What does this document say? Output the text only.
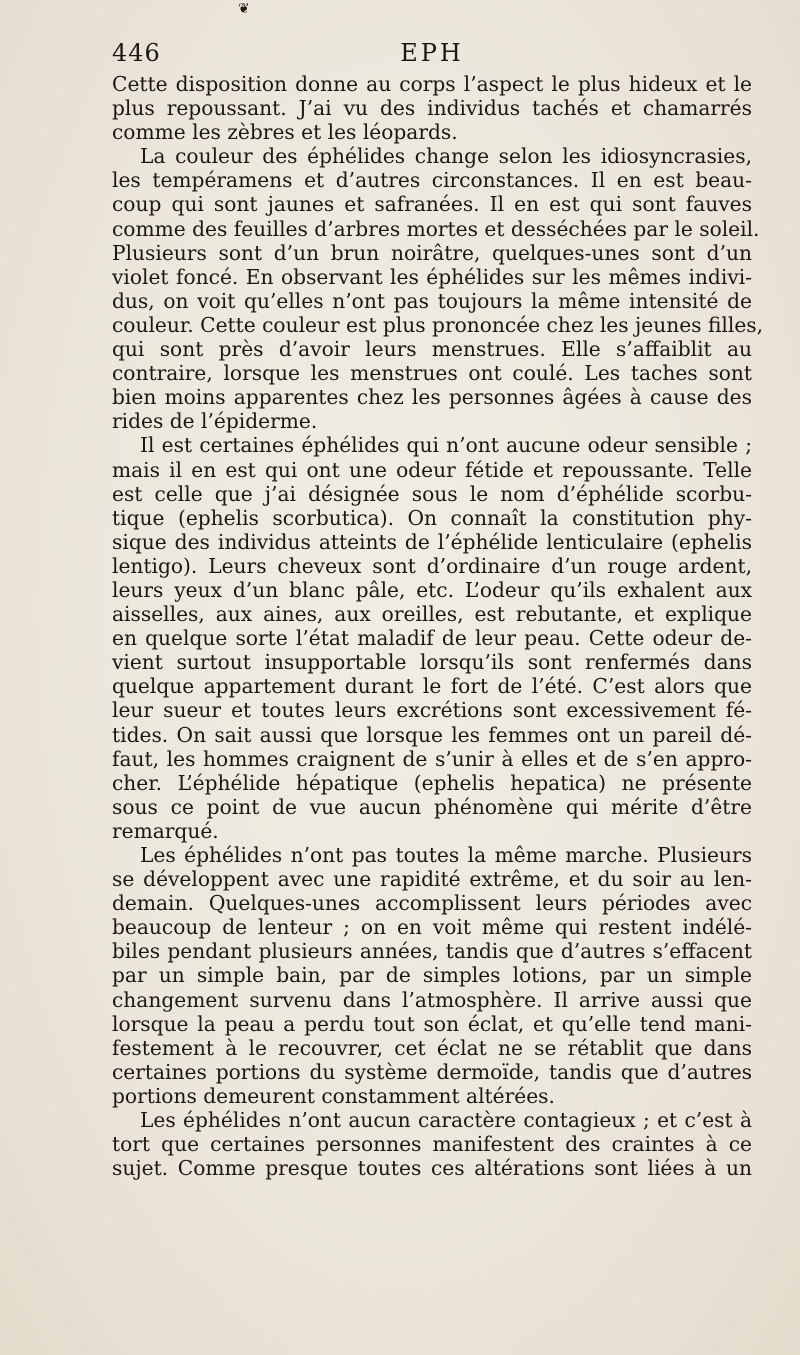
❦
446	EPH
Cette disposition donne au corps l’aspect le plus hideux et le
plus repoussant. J’ai vu des individus tachés et chamarrés
comme les zèbres et les léopards.
La couleur des éphélides change selon les idiosyncrasies,
les tempéramens et d’autres circonstances. Il en est beau-
coup qui sont jaunes et safranées. Il en est qui sont fauves
comme des feuilles d’arbres mortes et desséchées par le soleil.
Plusieurs sont d’un brun noirâtre, quelques-unes sont d’un
violet foncé. En observant les éphélides sur les mêmes indivi-
dus, on voit qu’elles n’ont pas toujours la même intensité de
couleur. Cette couleur est plus prononcée chez les jeunes filles,
qui sont près d’avoir leurs menstrues. Elle s’affaiblit au
contraire, lorsque les menstrues ont coulé. Les taches sont
bien moins apparentes chez les personnes âgées à cause des
rides de l’épiderme.
Il est certaines éphélides qui n’ont aucune odeur sensible ;
mais il en est qui ont une odeur fétide et repoussante. Telle
est celle que j’ai désignée sous le nom d’éphélide scorbu-
tique (ephelis scorbutica). On connaît la constitution phy-
sique des individus atteints de l’éphélide lenticulaire (ephelis
lentigo). Leurs cheveux sont d’ordinaire d’un rouge ardent,
leurs yeux d’un blanc pâle, etc. L’odeur qu’ils exhalent aux
aisselles, aux aines, aux oreilles, est rebutante, et explique
en quelque sorte l’état maladif de leur peau. Cette odeur de-
vient surtout insupportable lorsqu’ils sont renfermés dans
quelque appartement durant le fort de l’été. C’est alors que
leur sueur et toutes leurs excrétions sont excessivement fé-
tides. On sait aussi que lorsque les femmes ont un pareil dé-
faut, les hommes craignent de s’unir à elles et de s’en appro-
cher. L’éphélide hépatique (ephelis hepatica) ne présente
sous ce point de vue aucun phénomène qui mérite d’être
remarqué.
Les éphélides n’ont pas toutes la même marche. Plusieurs
se développent avec une rapidité extrême, et du soir au len-
demain. Quelques-unes accomplissent leurs périodes avec
beaucoup de lenteur ; on en voit même qui restent indélé-
biles pendant plusieurs années, tandis que d’autres s’effacent
par un simple bain, par de simples lotions, par un simple
changement survenu dans l’atmosphère. Il arrive aussi que
lorsque la peau a perdu tout son éclat, et qu’elle tend mani-
festement à le recouvrer, cet éclat ne se rétablit que dans
certaines portions du système dermoïde, tandis que d’autres
portions demeurent constamment altérées.
Les éphélides n’ont aucun caractère contagieux ; et c’est à
tort que certaines personnes manifestent des craintes à ce
sujet. Comme presque toutes ces altérations sont liées à un
